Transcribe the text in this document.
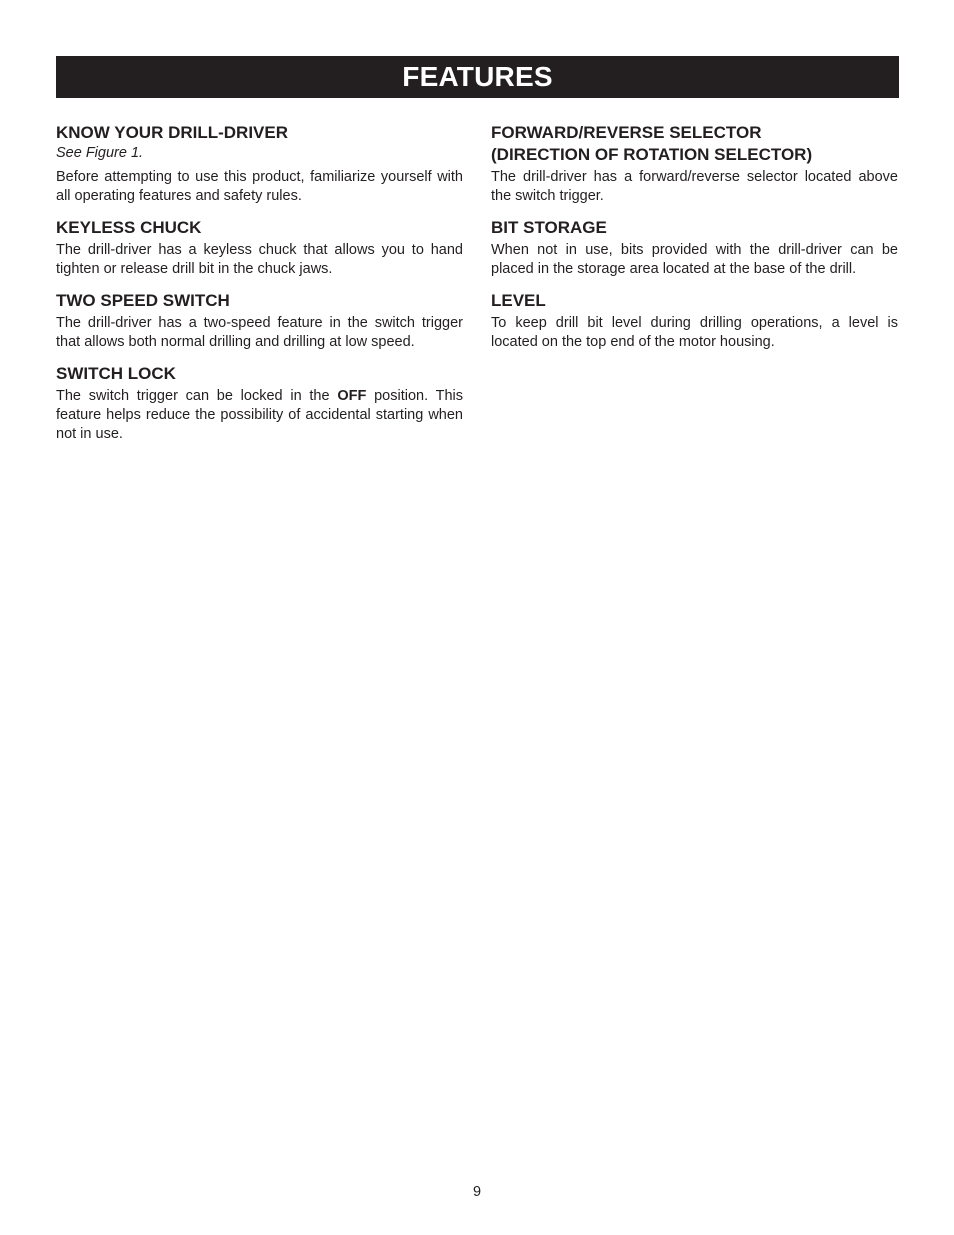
FEATURES

KNOW YOUR DRILL-DRIVER

See Figure 1.

Before attempting to use this product, familiarize yourself with all operating features and safety rules.

KEYLESS CHUCK

The drill-driver has a keyless chuck that allows you to hand tighten or release drill bit in the chuck jaws.

TWO SPEED SWITCH

The drill-driver has a two-speed feature in the switch trigger that allows both normal drilling and drilling at low speed.

SWITCH LOCK

The switch trigger can be locked in the OFF position. This feature helps reduce the possibility of accidental starting when not in use.

FORWARD/REVERSE SELECTOR
(DIRECTION OF ROTATION SELECTOR)

The drill-driver has a forward/reverse selector located above the switch trigger.

BIT STORAGE

When not in use, bits provided with the drill-driver can be placed in the storage area located at the base of the drill.

LEVEL

To keep drill bit level during drilling operations, a level is located on the top end of the motor housing.

9
